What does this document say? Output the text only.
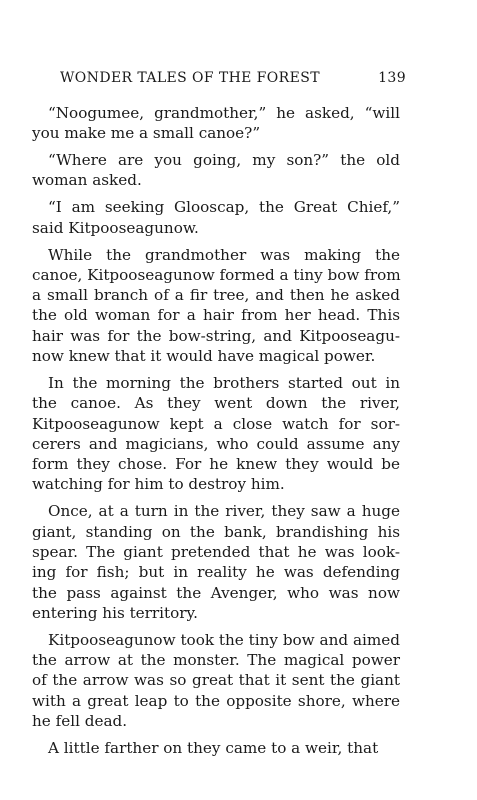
WONDER TALES OF THE FOREST	139
“Noogumee, grandmother,” he asked, “will
you make me a small canoe?”
“Where are you going, my son?” the old
woman asked.
“I am seeking Glooscap, the Great Chief,”
said Kitpooseagunow.
While the grandmother was making the
canoe, Kitpooseagunow formed a tiny bow from
a small branch of a fir tree, and then he asked
the old woman for a hair from her head. This
hair was for the bow-string, and Kitpooseagu-
now knew that it would have magical power.
In the morning the brothers started out in
the canoe. As they went down the river,
Kitpooseagunow kept a close watch for sor-
cerers and magicians, who could assume any
form they chose. For he knew they would be
watching for him to destroy him.
Once, at a turn in the river, they saw a huge
giant, standing on the bank, brandishing his
spear. The giant pretended that he was look-
ing for fish; but in reality he was defending
the pass against the Avenger, who was now
entering his territory.
Kitpooseagunow took the tiny bow and aimed
the arrow at the monster. The magical power
of the arrow was so great that it sent the giant
with a great leap to the opposite shore, where
he fell dead.
A little farther on they came to a weir, that
